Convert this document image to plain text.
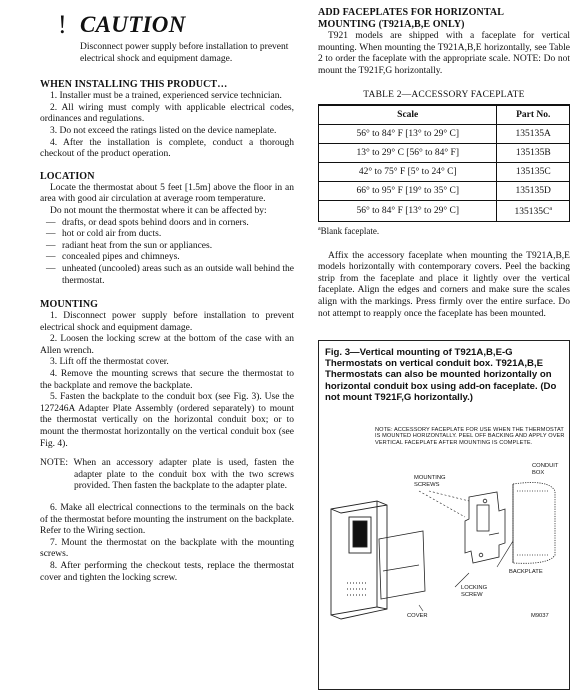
! CAUTION

Disconnect power supply before installation to prevent electrical shock and equipment damage.

WHEN INSTALLING THIS PRODUCT…

1. Installer must be a trained, experienced service technician.

2. All wiring must comply with applicable electrical codes, ordinances and regulations.

3. Do not exceed the ratings listed on the device nameplate.

4. After the installation is complete, conduct a thorough checkout of the product operation.

LOCATION

Locate the thermostat about 5 feet [1.5m] above the floor in an area with good air circulation at average room temperature.

Do not mount the thermostat where it can be affected by:

— drafts, or dead spots behind doors and in corners.
— hot or cold air from ducts.
— radiant heat from the sun or appliances.
— concealed pipes and chimneys.
— unheated (uncooled) areas such as an outside wall behind the thermostat.
MOUNTING

1. Disconnect power supply before installation to prevent electrical shock and equipment damage.

2. Loosen the locking screw at the bottom of the case with an Allen wrench.

3. Lift off the thermostat cover.

4. Remove the mounting screws that secure the thermostat to the backplate and remove the backplate.

5. Fasten the backplate to the conduit box (see Fig. 3). Use the 127246A Adapter Plate Assembly (ordered separately) to mount the thermostat vertically on the horizontal conduit box; or to mount the thermostat horizontally on the vertical conduit box (see Fig. 4).

NOTE: When an accessory adapter plate is used, fasten the adapter plate to the conduit box with the two screws provided. Then fasten the backplate to the adapter plate.

6. Make all electrical connections to the terminals on the back of the thermostat before mounting the instrument on the backplate. Refer to the Wiring section.

7. Mount the thermostat on the backplate with the mounting screws.

8. After performing the checkout tests, replace the thermostat cover and tighten the locking screw.

ADD FACEPLATES FOR HORIZONTAL
MOUNTING (T921A,B,E ONLY)

T921 models are shipped with a faceplate for vertical mounting. When mounting the T921A,B,E horizontally, see Table 2 to order the faceplate with the appropriate scale. NOTE: Do not mount the T921F,G horizontally.

TABLE 2—ACCESSORY FACEPLATE
Scale	Part No.
56° to 84° F [13° to 29° C]	135135A
13° to 29° C [56° to 84° F]	135135B
42° to 75° F [5° to 24° C]	135135C
66° to 95° F [19° to 35° C]	135135D
56° to 84° F [13° to 29° C]	$135135C^a$

$^a$Blank faceplate.

Affix the accessory faceplate when mounting the T921A,B,E models horizontally with contemporary covers. Peel the backing strip from the faceplate and place it lightly over the vertical faceplate. Align the edges and corners and make sure the scales align with the markings. Press firmly over the entire surface. Do not attempt to reapply once the faceplate has been mounted.

Fig. 3—Vertical mounting of T921A,B,E-G Thermostats on vertical conduit box. T921A,B,E Thermostats can also be mounted horizontally on horizontal conduit box using add-on faceplate. (Do not mount T921F,G horizontally.)

NOTE: ACCESSORY FACEPLATE FOR USE WHEN THE THERMOSTAT IS MOUNTED HORIZONTALLY. PEEL OFF BACKING AND APPLY OVER VERTICAL FACEPLATE AFTER MOUNTING IS COMPLETE.

MOUNTING
SCREWS
CONDUIT
BOX
BACKPLATE
LOCKING
SCREW
COVER	M9037
